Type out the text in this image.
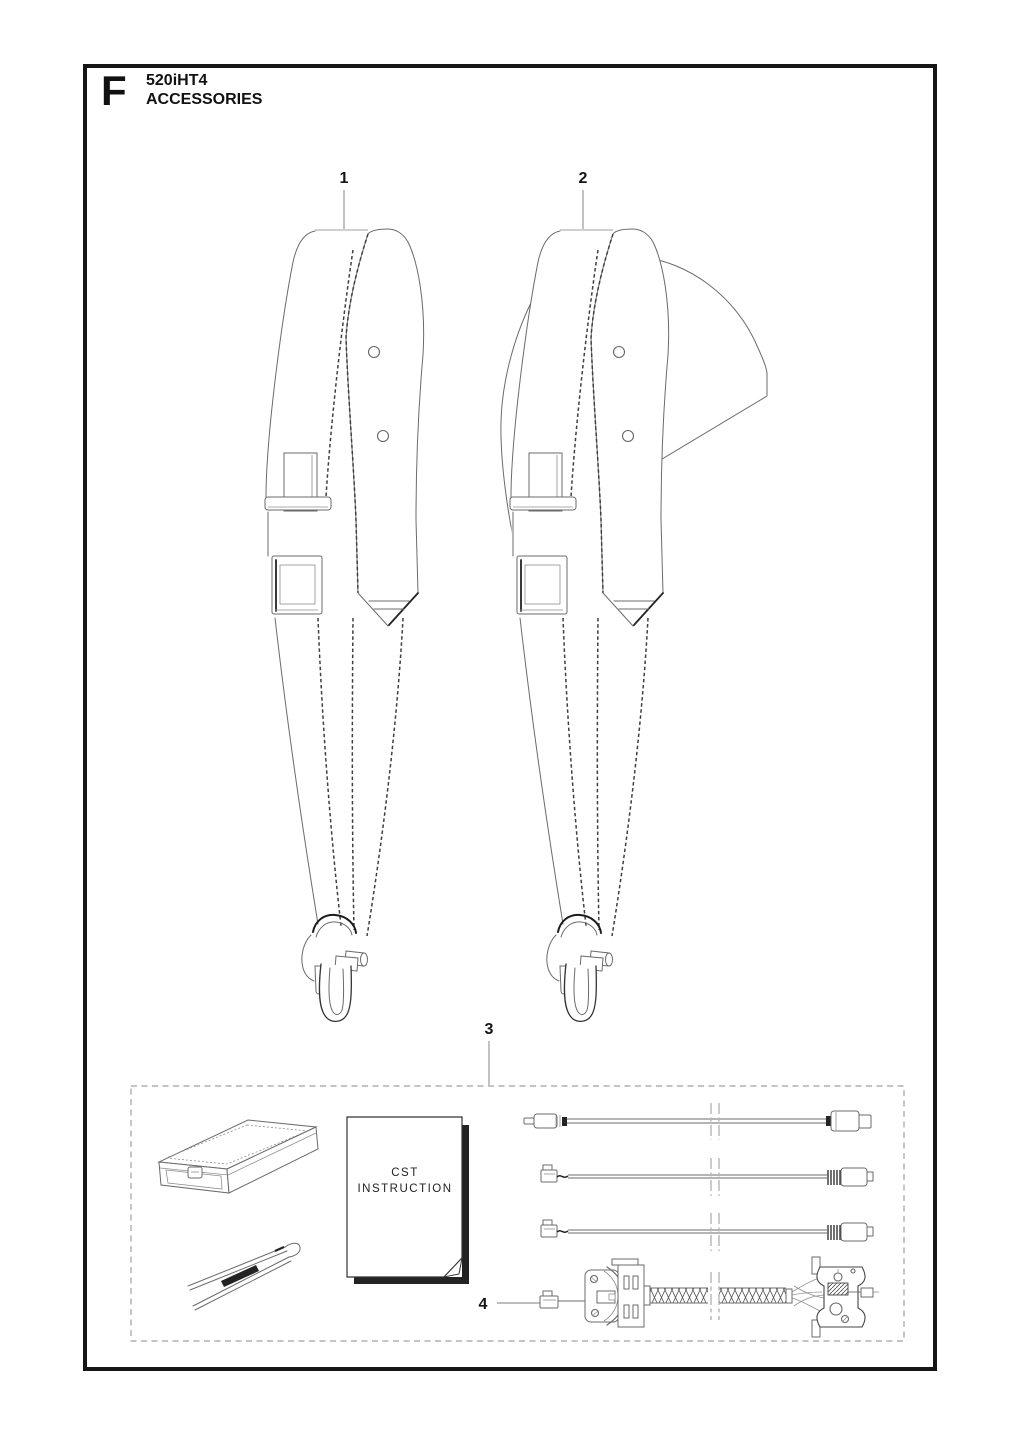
F 520iHT4
ACCESSORIES
1	2
3
CST
INSTRUCTION
4
